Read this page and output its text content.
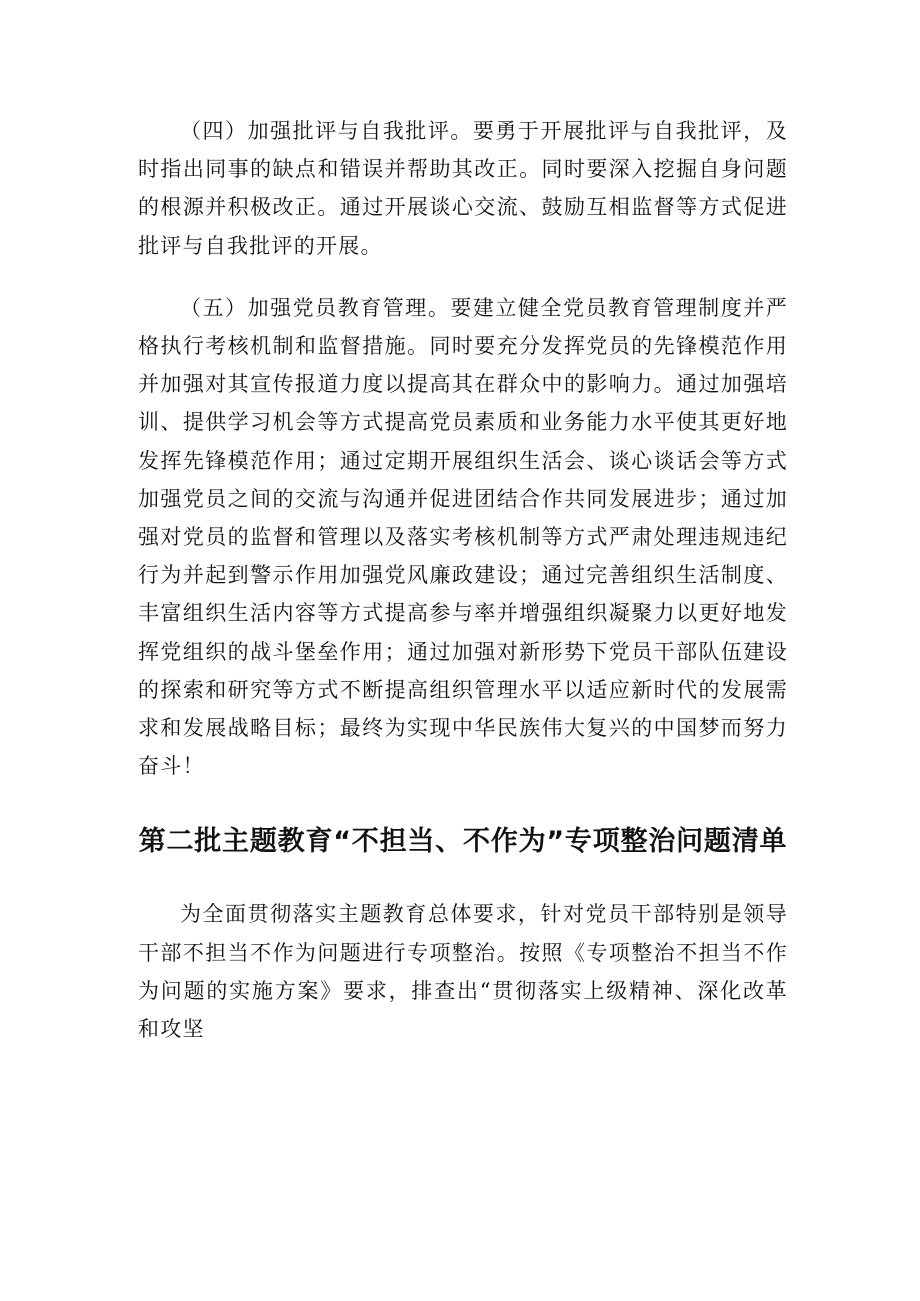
（四）加强批评与自我批评。要勇于开展批评与自我批评，及时指出同事的缺点和错误并帮助其改正。同时要深入挖掘自身问题的根源并积极改正。通过开展谈心交流、鼓励互相监督等方式促进批评与自我批评的开展。

（五）加强党员教育管理。要建立健全党员教育管理制度并严格执行考核机制和监督措施。同时要充分发挥党员的先锋模范作用并加强对其宣传报道力度以提高其在群众中的影响力。通过加强培训、提供学习机会等方式提高党员素质和业务能力水平使其更好地发挥先锋模范作用；通过定期开展组织生活会、谈心谈话会等方式加强党员之间的交流与沟通并促进团结合作共同发展进步；通过加强对党员的监督和管理以及落实考核机制等方式严肃处理违规违纪行为并起到警示作用加强党风廉政建设；通过完善组织生活制度、丰富组织生活内容等方式提高参与率并增强组织凝聚力以更好地发挥党组织的战斗堡垒作用；通过加强对新形势下党员干部队伍建设的探索和研究等方式不断提高组织管理水平以适应新时代的发展需求和发展战略目标；最终为实现中华民族伟大复兴的中国梦而努力奋斗！

第二批主题教育“不担当、不作为”专项整治问题清单

为全面贯彻落实主题教育总体要求，针对党员干部特别是领导干部不担当不作为问题进行专项整治。按照《专项整治不担当不作为问题的实施方案》要求，排查出“贯彻落实上级精神、深化改革和攻坚
